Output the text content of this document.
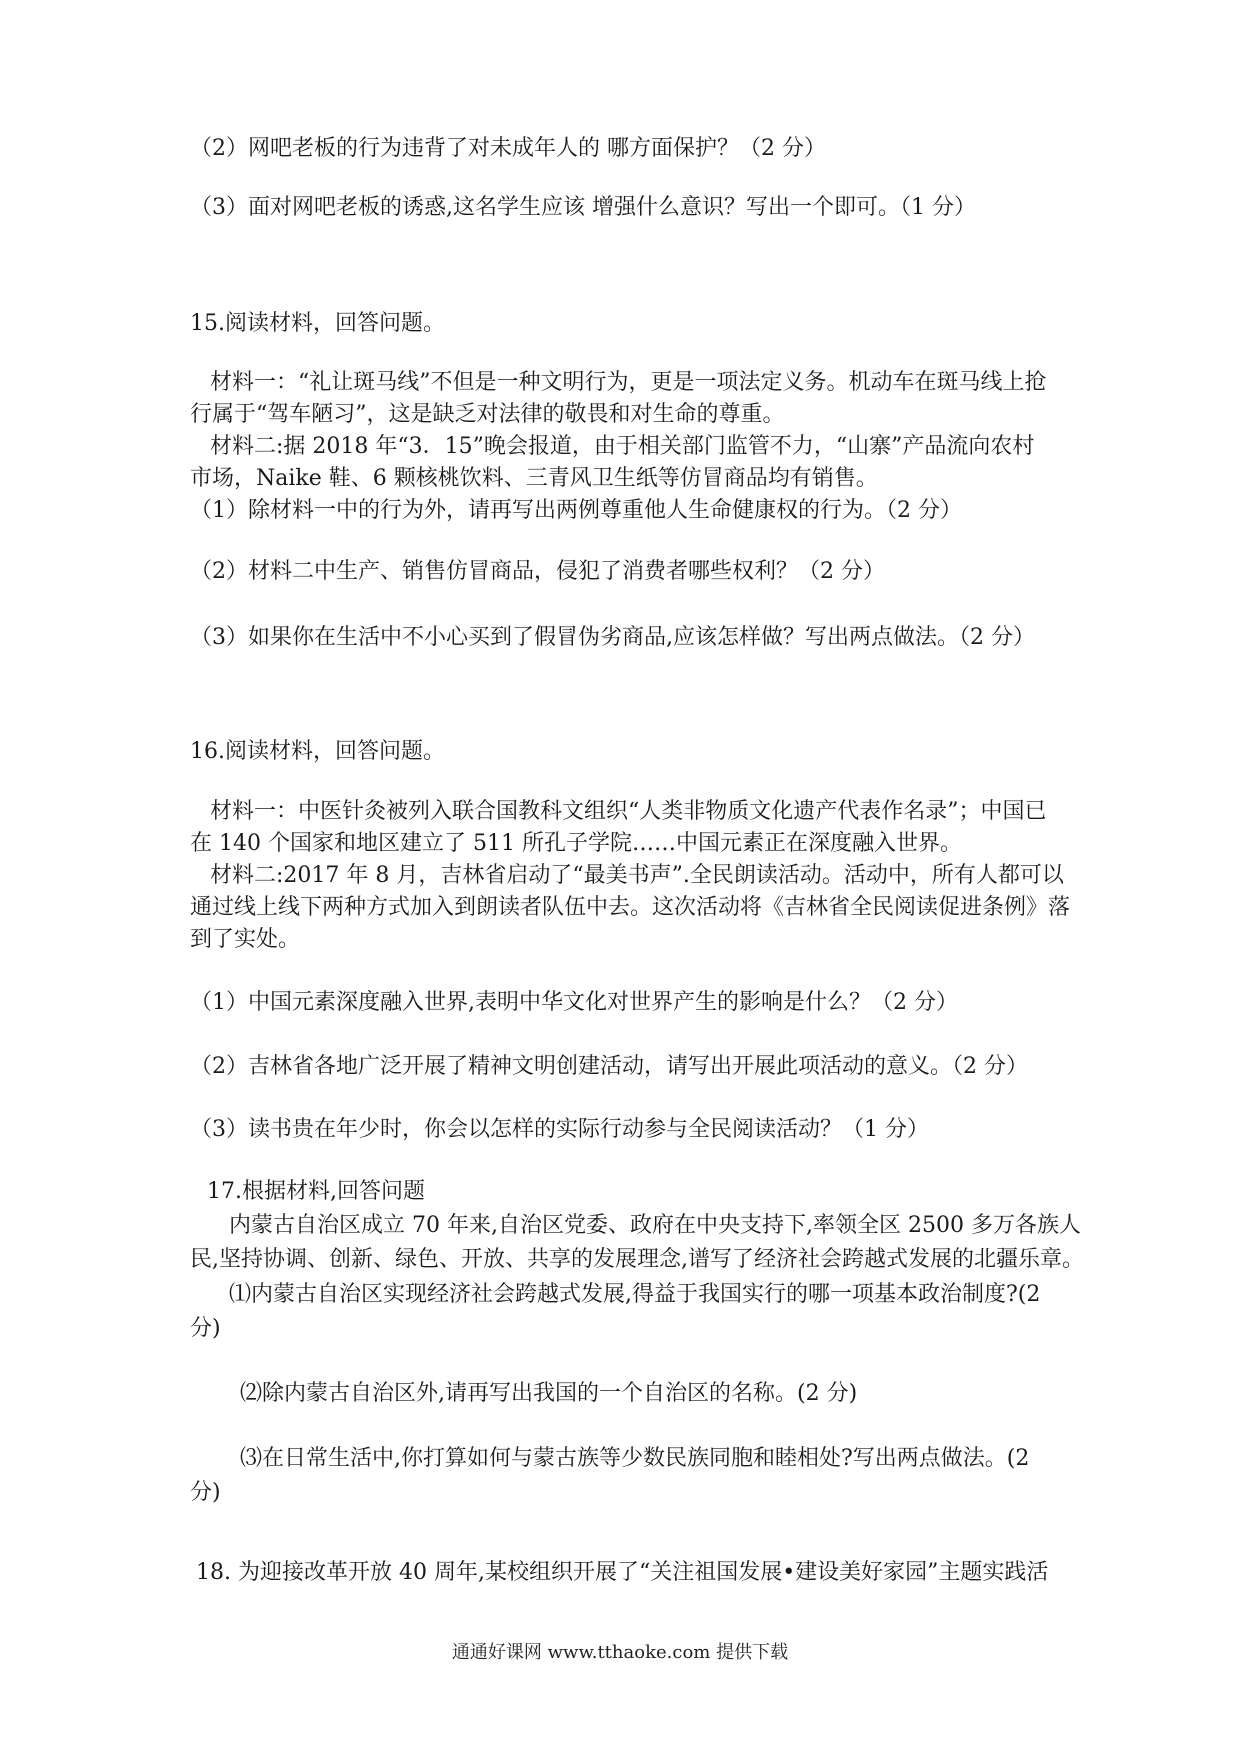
（2）网吧老板的行为违背了对未成年人的 哪方面保护？（2 分）
（3）面对网吧老板的诱惑,这名学生应该 增强什么意识？写出一个即可。（1 分）
15.阅读材料，回答问题。
材料一：“礼让斑马线”不但是一种文明行为，更是一项法定义务。机动车在斑马线上抢
行属于“驾车陋习”，这是缺乏对法律的敬畏和对生命的尊重。
材料二:据 2018 年“3．15”晚会报道，由于相关部门监管不力，“山寨”产品流向农村
市场，Naike 鞋、6 颗核桃饮料、三青风卫生纸等仿冒商品均有销售。
（1）除材料一中的行为外，请再写出两例尊重他人生命健康权的行为。（2 分）
（2）材料二中生产、销售仿冒商品，侵犯了消费者哪些权利？（2 分）
（3）如果你在生活中不小心买到了假冒伪劣商品,应该怎样做？写出两点做法。（2 分）
16.阅读材料，回答问题。
材料一：中医针灸被列入联合国教科文组织“人类非物质文化遗产代表作名录”；中国已
在 140 个国家和地区建立了 511 所孔子学院……中国元素正在深度融入世界。
材料二:2017 年 8 月，吉林省启动了“最美书声”.全民朗读活动。活动中，所有人都可以
通过线上线下两种方式加入到朗读者队伍中去。这次活动将《吉林省全民阅读促进条例》落
到了实处。
（1）中国元素深度融入世界,表明中华文化对世界产生的影响是什么？（2 分）
（2）吉林省各地广泛开展了精神文明创建活动，请写出开展此项活动的意义。（2 分）
（3）读书贵在年少时，你会以怎样的实际行动参与全民阅读活动？（1 分）
17.根据材料,回答问题
内蒙古自治区成立 70 年来,自治区党委、政府在中央支持下,率领全区 2500 多万各族人
民,坚持协调、创新、绿色、开放、共享的发展理念,谱写了经济社会跨越式发展的北疆乐章。
⑴内蒙古自治区实现经济社会跨越式发展,得益于我国实行的哪一项基本政治制度?(2
分)
⑵除内蒙古自治区外,请再写出我国的一个自治区的名称。(2 分)
⑶在日常生活中,你打算如何与蒙古族等少数民族同胞和睦相处?写出两点做法。(2
分)
18. 为迎接改革开放 40 周年,某校组织开展了“关注祖国发展•建设美好家园”主题实践活
通通好课网 www.tthaoke.com 提供下载
